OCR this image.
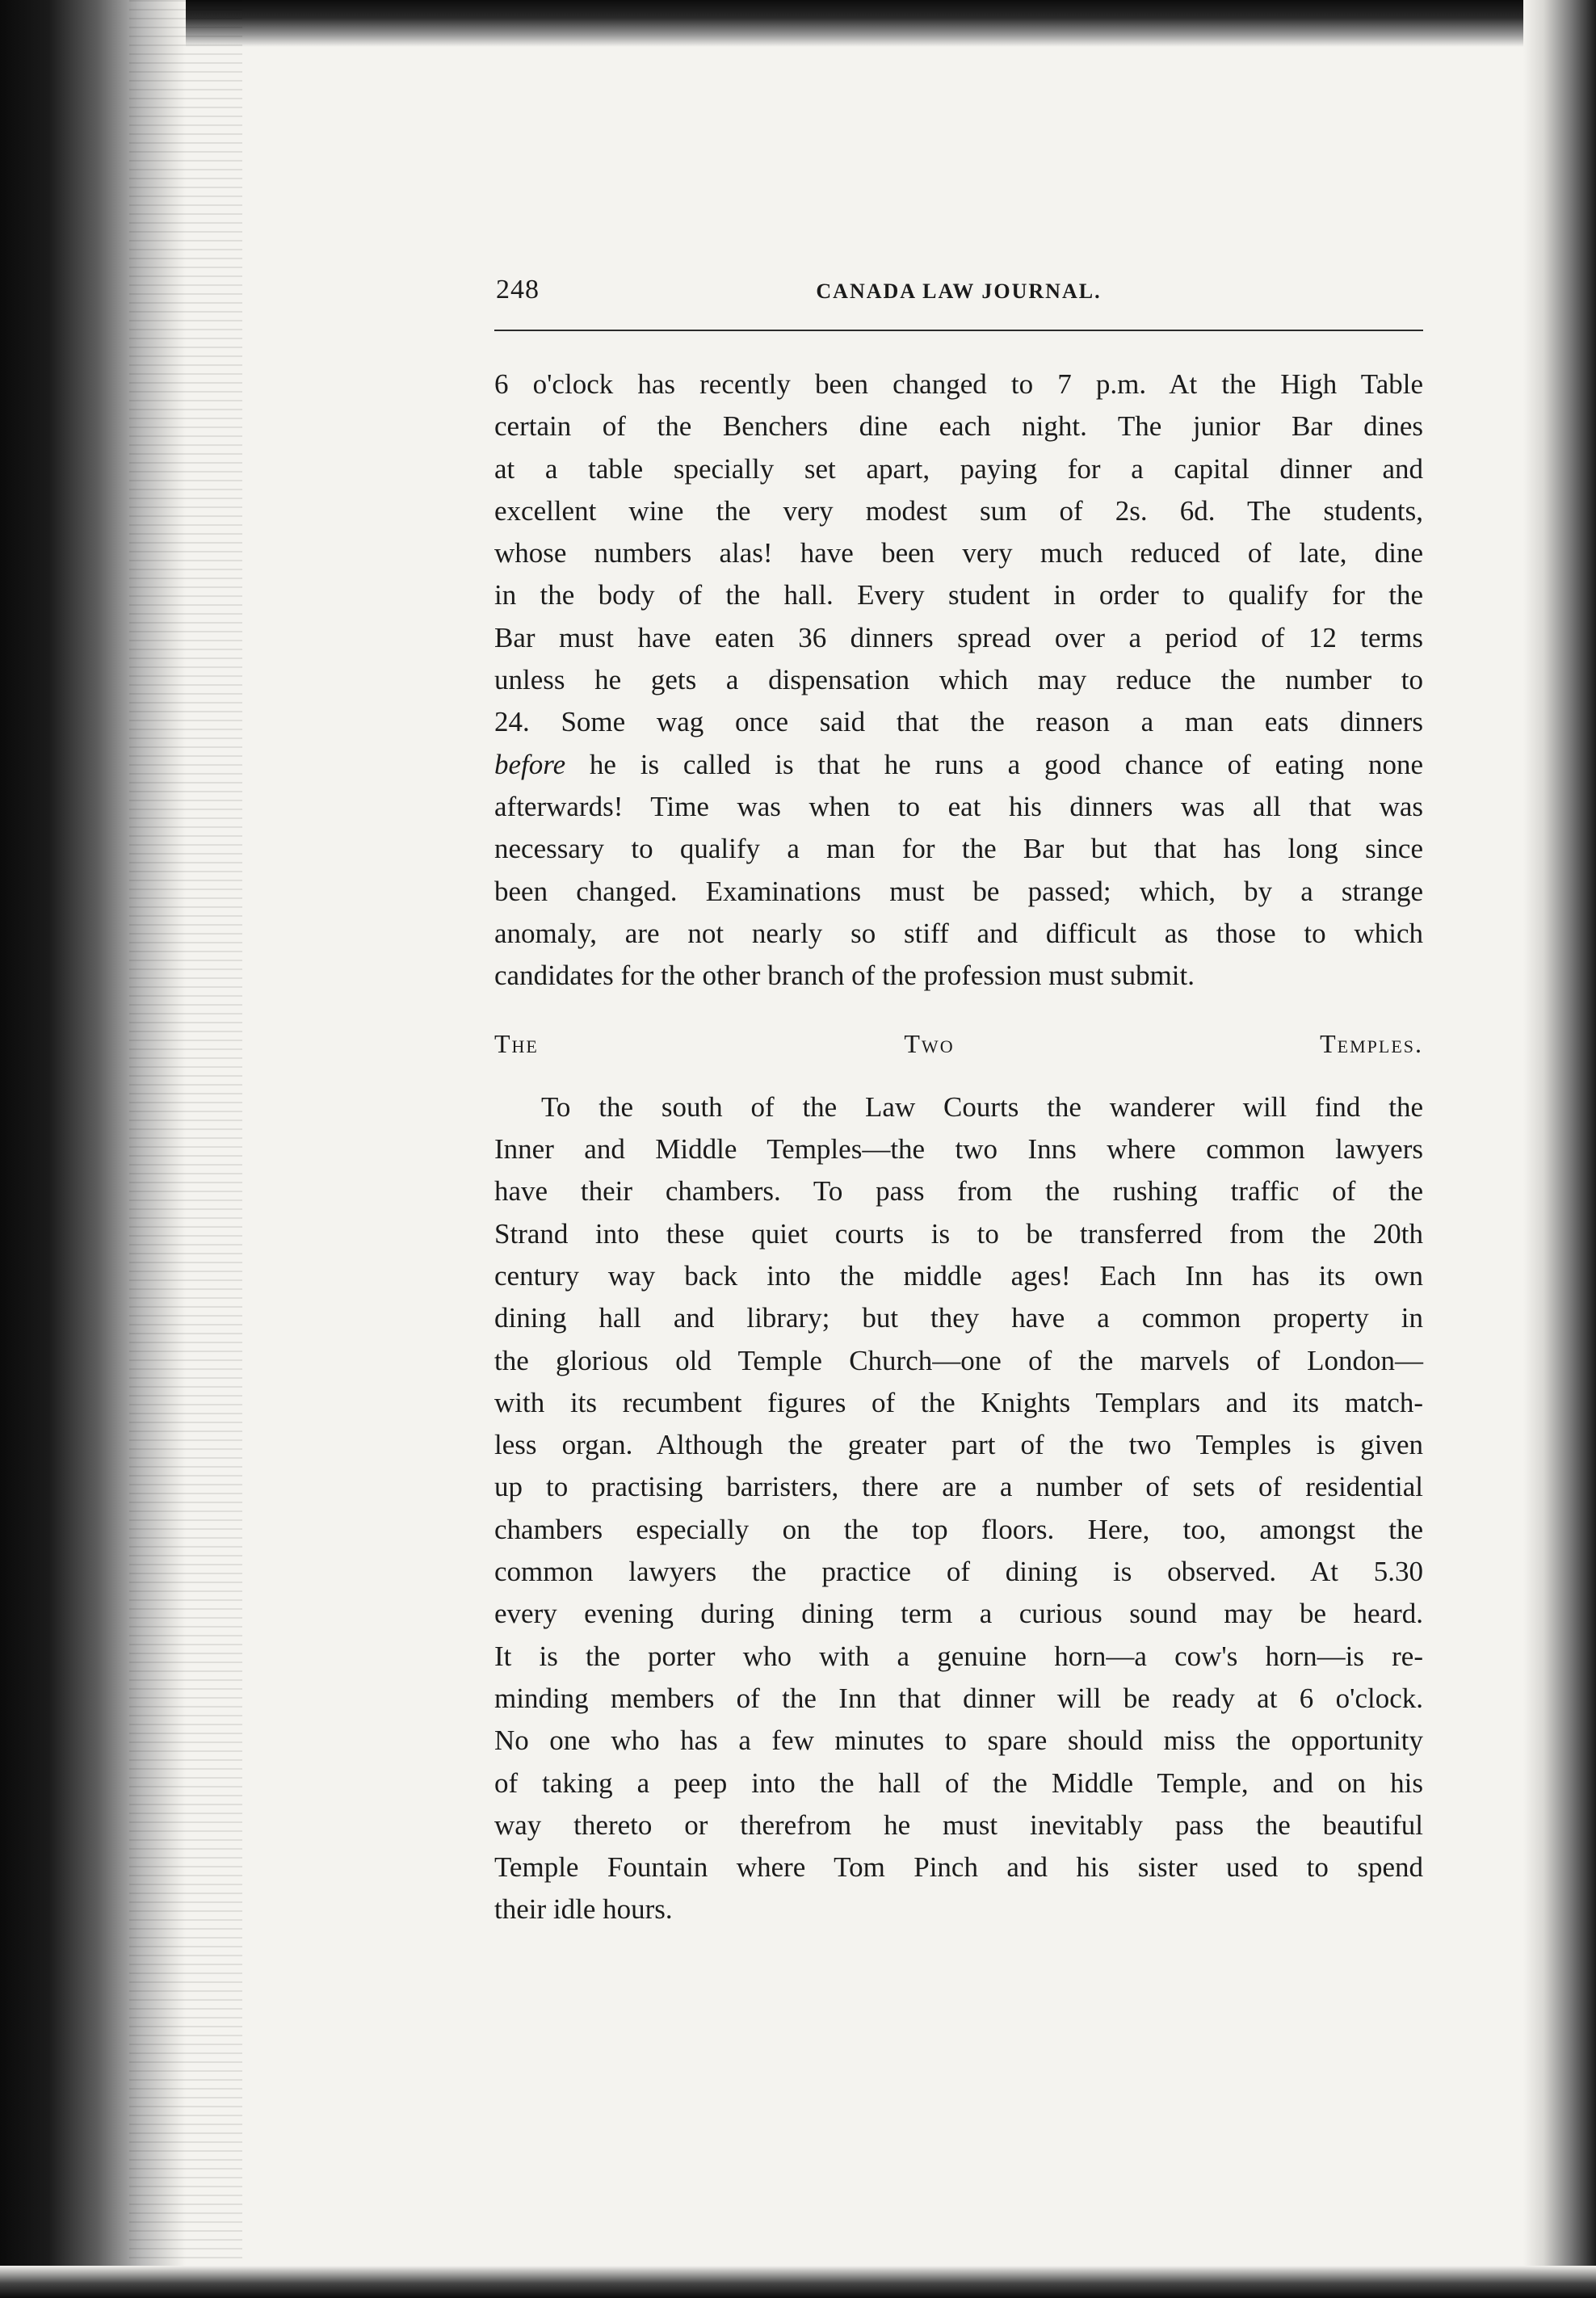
248	CANADA LAW JOURNAL.
6 o'clock has recently been changed to 7 p.m. At the High Table
certain of the Benchers dine each night. The junior Bar dines
at a table specially set apart, paying for a capital dinner and
excellent wine the very modest sum of 2s. 6d. The students,
whose numbers alas! have been very much reduced of late, dine
in the body of the hall. Every student in order to qualify for the
Bar must have eaten 36 dinners spread over a period of 12 terms
unless he gets a dispensation which may reduce the number to
24. Some wag once said that the reason a man eats dinners
before he is called is that he runs a good chance of eating none
afterwards! Time was when to eat his dinners was all that was
necessary to qualify a man for the Bar but that has long since
been changed. Examinations must be passed; which, by a strange
anomaly, are not nearly so stiff and difficult as those to which
candidates for the other branch of the profession must submit.
The Two Temples.
To the south of the Law Courts the wanderer will find the
Inner and Middle Temples—the two Inns where common lawyers
have their chambers. To pass from the rushing traffic of the
Strand into these quiet courts is to be transferred from the 20th
century way back into the middle ages! Each Inn has its own
dining hall and library; but they have a common property in
the glorious old Temple Church—one of the marvels of London—
with its recumbent figures of the Knights Templars and its match-
less organ. Although the greater part of the two Temples is given
up to practising barristers, there are a number of sets of residential
chambers especially on the top floors. Here, too, amongst the
common lawyers the practice of dining is observed. At 5.30
every evening during dining term a curious sound may be heard.
It is the porter who with a genuine horn—a cow's horn—is re-
minding members of the Inn that dinner will be ready at 6 o'clock.
No one who has a few minutes to spare should miss the opportunity
of taking a peep into the hall of the Middle Temple, and on his
way thereto or therefrom he must inevitably pass the beautiful
Temple Fountain where Tom Pinch and his sister used to spend
their idle hours.
